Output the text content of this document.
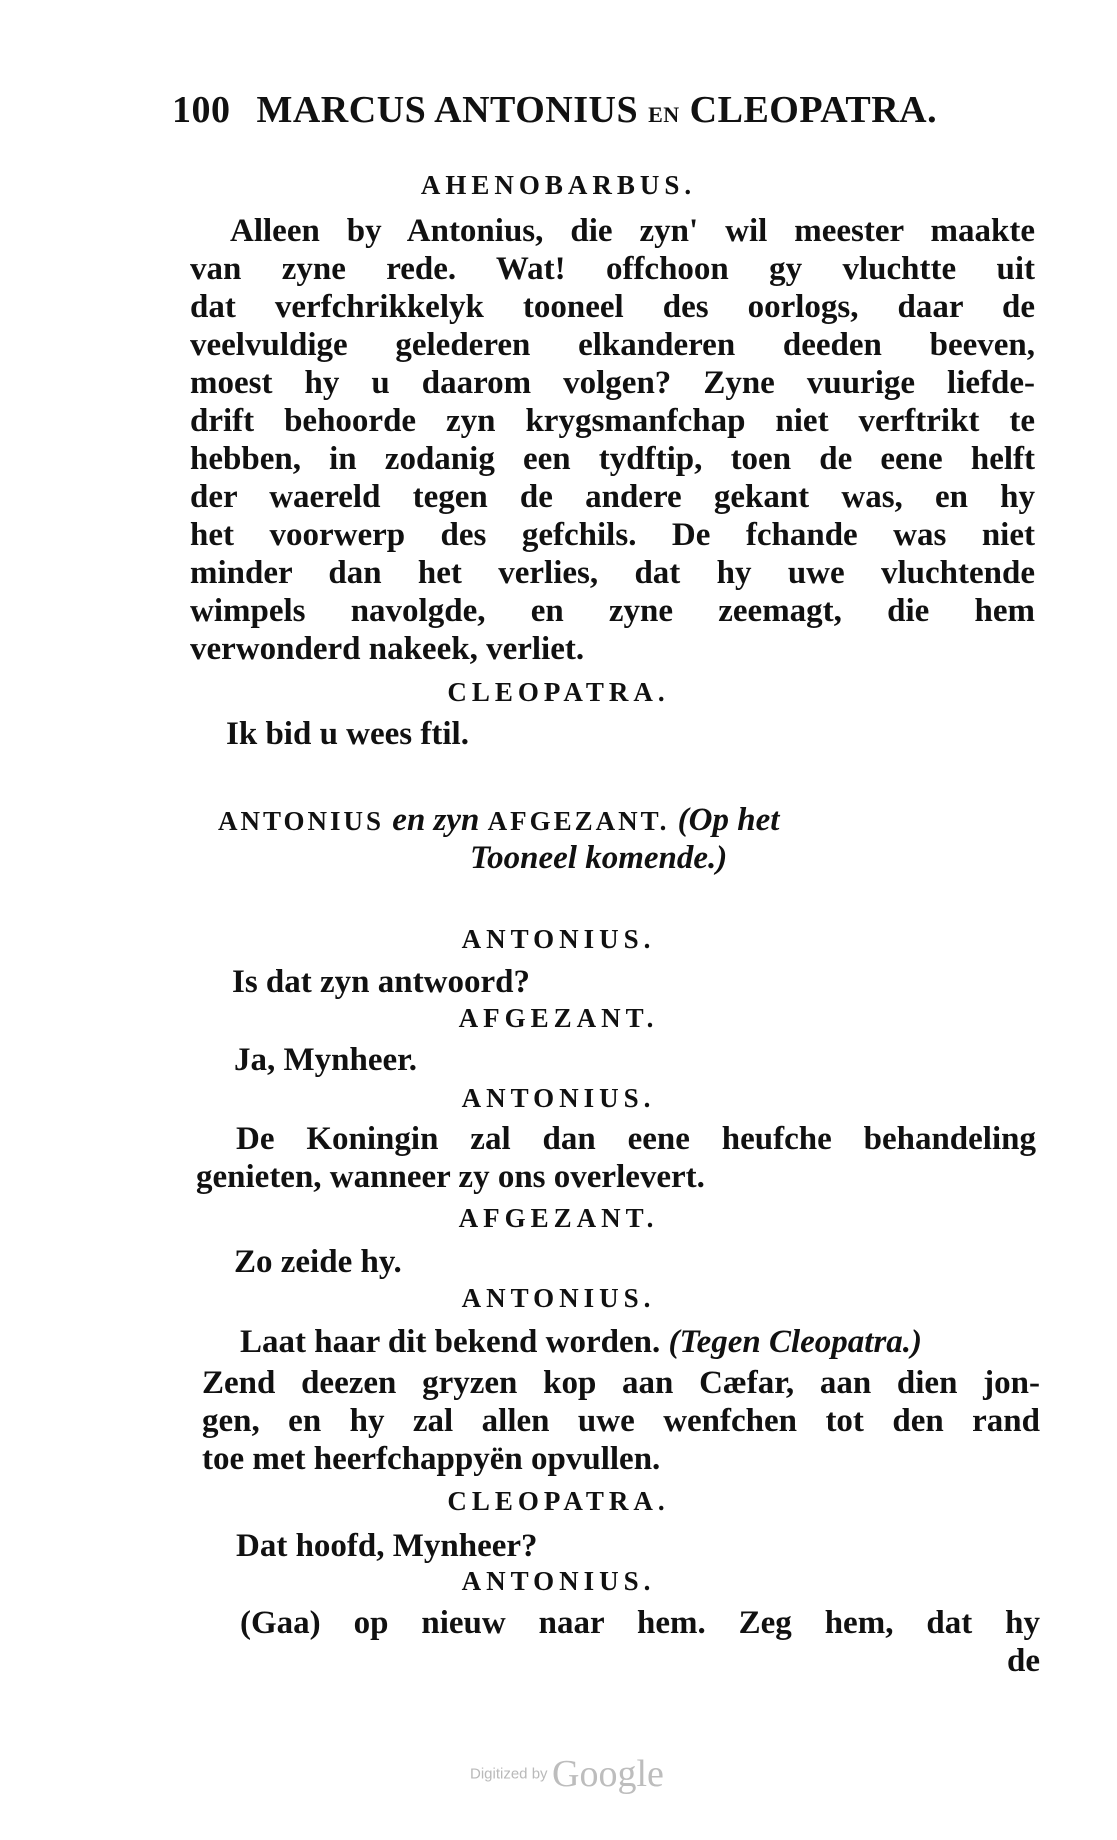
100 MARCUS ANTONIUS EN CLEOPATRA.
AHENOBARBUS.
Alleen by Antonius, die zyn' wil meester maakte
van zyne rede. Wat! offchoon gy vluchtte uit
dat verfchrikkelyk tooneel des oorlogs, daar de
veelvuldige gelederen elkanderen deeden beeven,
moest hy u daarom volgen? Zyne vuurige liefde-
drift behoorde zyn krygsmanfchap niet verftrikt te
hebben, in zodanig een tydftip, toen de eene helft
der waereld tegen de andere gekant was, en hy
het voorwerp des gefchils. De fchande was niet
minder dan het verlies, dat hy uwe vluchtende
wimpels navolgde, en zyne zeemagt, die hem
verwonderd nakeek, verliet.
CLEOPATRA.
Ik bid u wees ftil.
ANTONIUS en zyn AFGEZANT. (Op het
Tooneel komende.)
ANTONIUS.
Is dat zyn antwoord?
AFGEZANT.
Ja, Mynheer.
ANTONIUS.
De Koningin zal dan eene heufche behandeling
genieten, wanneer zy ons overlevert.
AFGEZANT.
Zo zeide hy.
ANTONIUS.
Laat haar dit bekend worden. (Tegen Cleopatra.)
Zend deezen gryzen kop aan Cæfar, aan dien jon-
gen, en hy zal allen uwe wenfchen tot den rand
toe met heerfchappyën opvullen.
CLEOPATRA.
Dat hoofd, Mynheer?
ANTONIUS.
(Gaa) op nieuw naar hem. Zeg hem, dat hy
de
Digitized by Google
